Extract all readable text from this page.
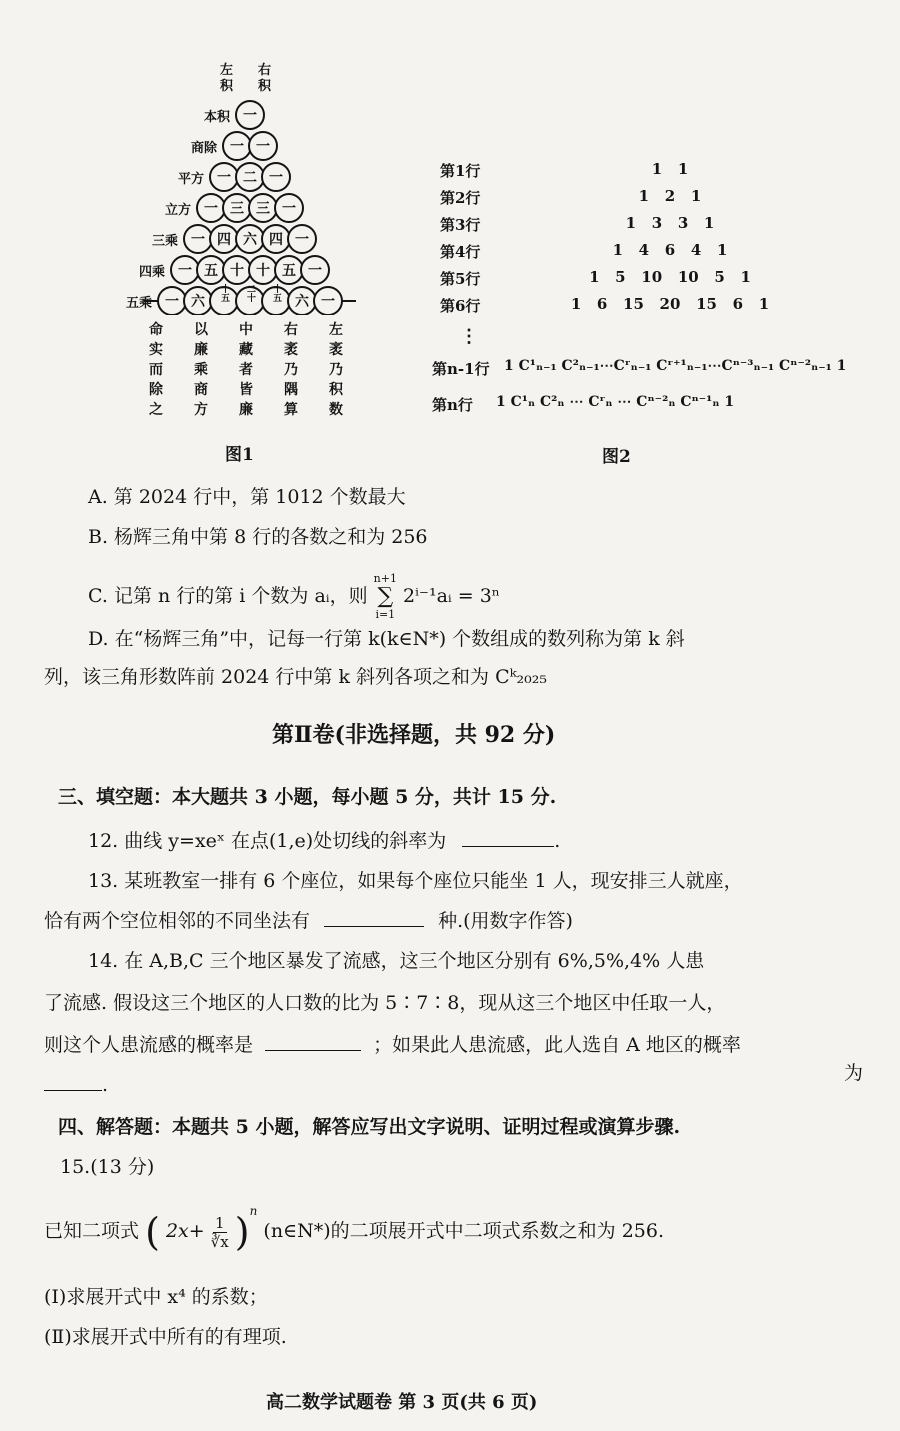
一
一 一
一 二 一
一 三 三 一
一 四 六 四 一
一 五 十 十 五 一
一 六 十五 二十 十五 六 一
左积
右积
本积
商除
平方
立方
三乘
四乘
五乘
命实而除之
以廉乘商方
中藏者皆廉
右袤乃隅算
左袤乃积数
图1
第1行	1   1
第2行	1   2   1
第3行	1   3   3   1
第4行	1   4   6   4   1
第5行	1   5   10   10   5   1
第6行	1   6   15   20   15   6   1
⋮
第n-1行 1 C¹ₙ₋₁ C²ₙ₋₁⋯Cʳₙ₋₁ Cʳ⁺¹ₙ₋₁⋯Cⁿ⁻³ₙ₋₁ Cⁿ⁻²ₙ₋₁ 1
第n行 1 C¹ₙ C²ₙ ⋯ Cʳₙ ⋯ Cⁿ⁻²ₙ Cⁿ⁻¹ₙ 1
图2
A. 第 2024 行中，第 1012 个数最大
B. 杨辉三角中第 8 行的各数之和为 256
C. 记第 n 行的第 i 个数为 aᵢ，则
n+1
∑
i=1
2ⁱ⁻¹aᵢ = 3ⁿ
D. 在“杨辉三角”中，记每一行第 k(k∈N*) 个数组成的数列称为第 k 斜
列，该三角形数阵前 2024 行中第 k 斜列各项之和为 Cᵏ₂₀₂₅
第Ⅱ卷(非选择题，共 92 分)
三、填空题：本大题共 3 小题，每小题 5 分，共计 15 分.
12. 曲线 y=xeˣ 在点(1,e)处切线的斜率为	.
13. 某班教室一排有 6 个座位，如果每个座位只能坐 1 人，现安排三人就座，
恰有两个空位相邻的不同坐法有	种.(用数字作答)
14. 在 A,B,C 三个地区暴发了流感，这三个地区分别有 6%,5%,4% 人患
了流感. 假设这三个地区的人口数的比为 5∶7∶8，现从这三个地区中任取一人，
则这个人患流感的概率是	；如果此人患流感，此人选自 A 地区的概率
为
.
四、解答题：本题共 5 小题，解答应写出文字说明、证明过程或演算步骤.
15.(13 分)
已知二项式 ( $2x+ \frac{1}{∛x} )^n$ (n∈N*)的二项展开式中二项式系数之和为 256.
(Ⅰ)求展开式中 x⁴ 的系数；
(Ⅱ)求展开式中所有的有理项.
高二数学试题卷 第 3 页(共 6 页)
